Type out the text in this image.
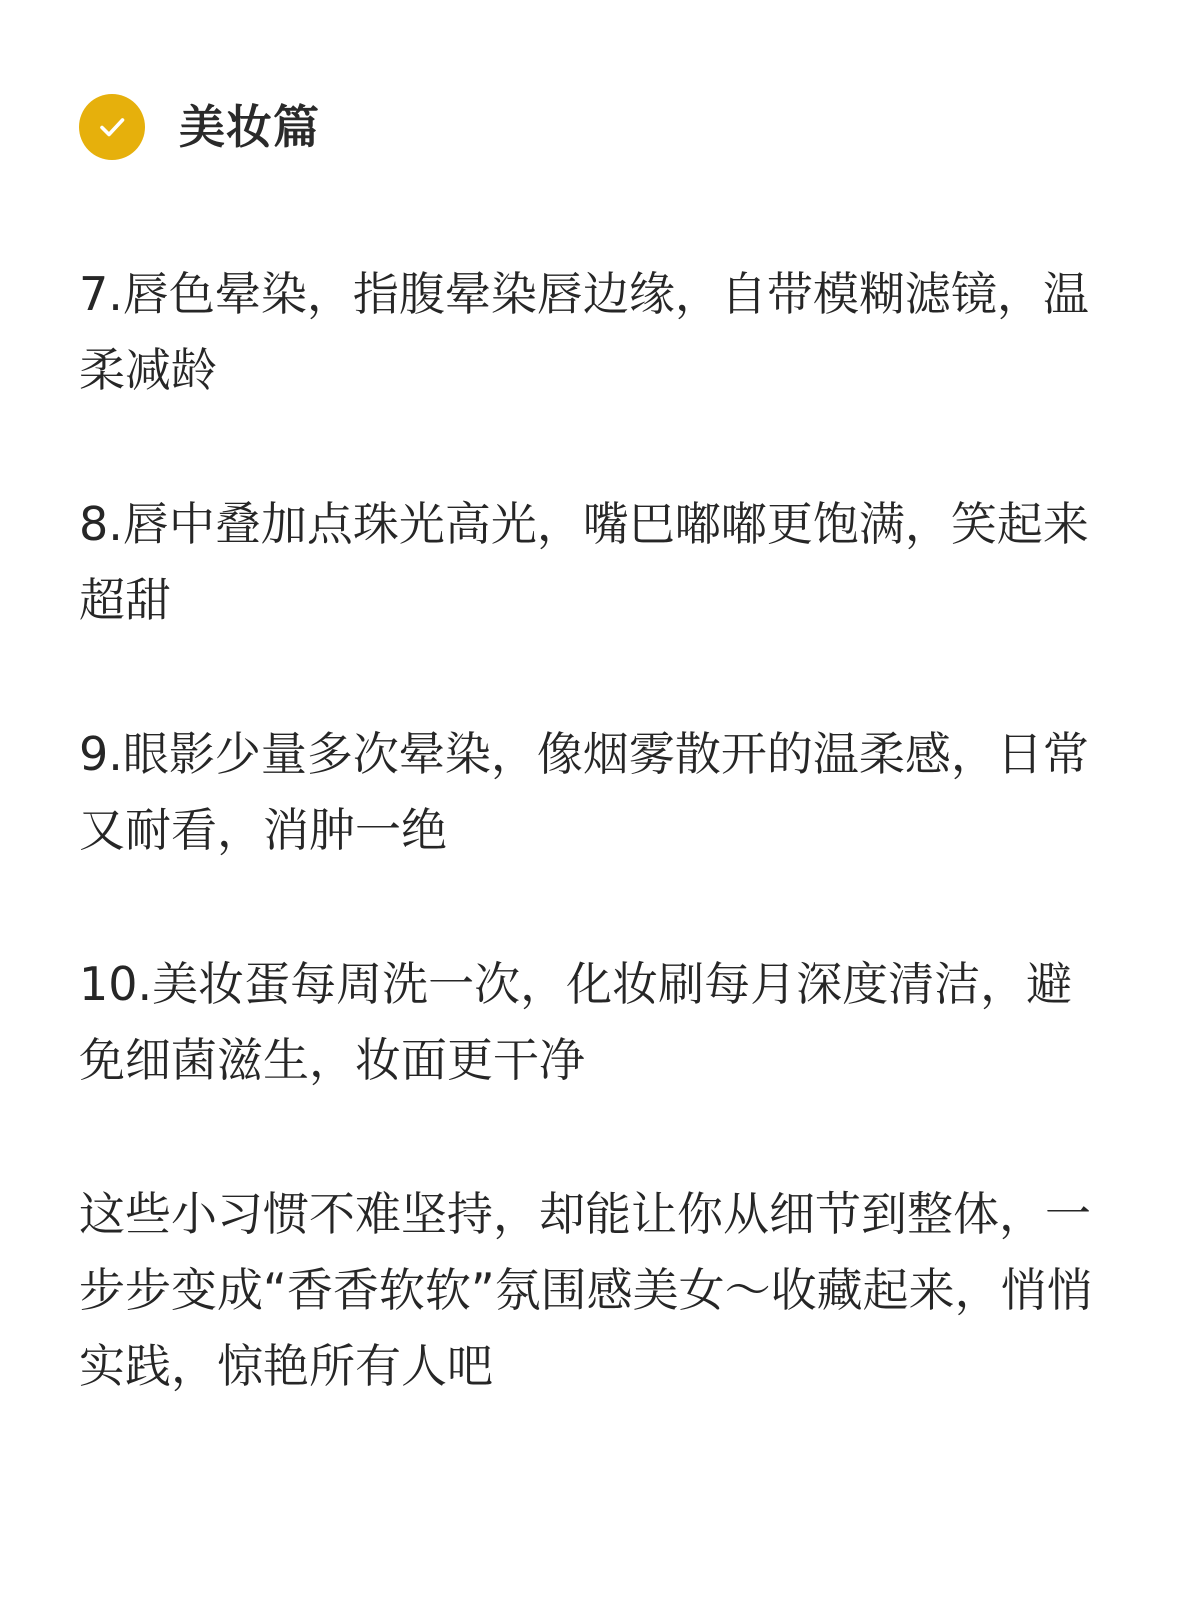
美妆篇

7.唇色晕染，指腹晕染唇边缘，自带模糊滤镜，温柔减龄

8.唇中叠加点珠光高光，嘴巴嘟嘟更饱满，笑起来超甜

9.眼影少量多次晕染，像烟雾散开的温柔感，日常又耐看，消肿一绝

10.美妆蛋每周洗一次，化妆刷每月深度清洁，避免细菌滋生，妆面更干净

这些小习惯不难坚持，却能让你从细节到整体，一步步变成“香香软软”氛围感美女～收藏起来，悄悄实践，惊艳所有人吧
